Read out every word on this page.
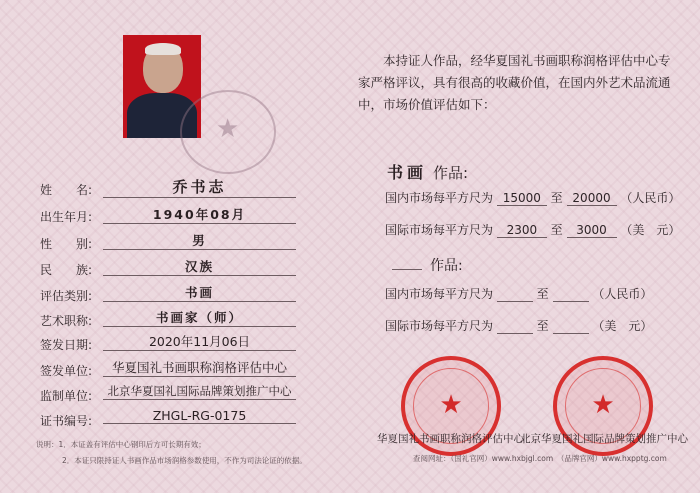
★
姓　　名:	乔书志
出生年月:	1940年08月
性　　别:	男
民　　族:	汉族
评估类别:	书画
艺术职称:	书画家（师）
签发日期:	2020年11月06日
签发单位:	华夏国礼书画职称润格评估中心
监制单位:	北京华夏国礼国际品牌策划推广中心
证书编号:	ZHGL-RG-0175
说明：1．本证盖有评估中心钢印后方可长期有效；
2．本证只限持证人书画作品市场润格参数使用，不作为司法论证的依据。
本持证人作品，经华夏国礼书画职称润格评估中心专家严格评议，具有很高的收藏价值，在国内外艺术品流通中，市场价值评估如下：
书画 作品:
国内市场每平方尺为 15000 至 20000 （人民币）
国际市场每平方尺为 2300 至 3000 （美　元）
作品:
国内市场每平方尺为	至	（人民币）
国际市场每平方尺为	至	（美　元）
★	★
华夏国礼书画职称润格评估中心
北京华夏国礼国际品牌策划推广中心
查阅网址：（国礼官网）www.hxbjgl.com　（品牌官网）www.hxpptg.com
